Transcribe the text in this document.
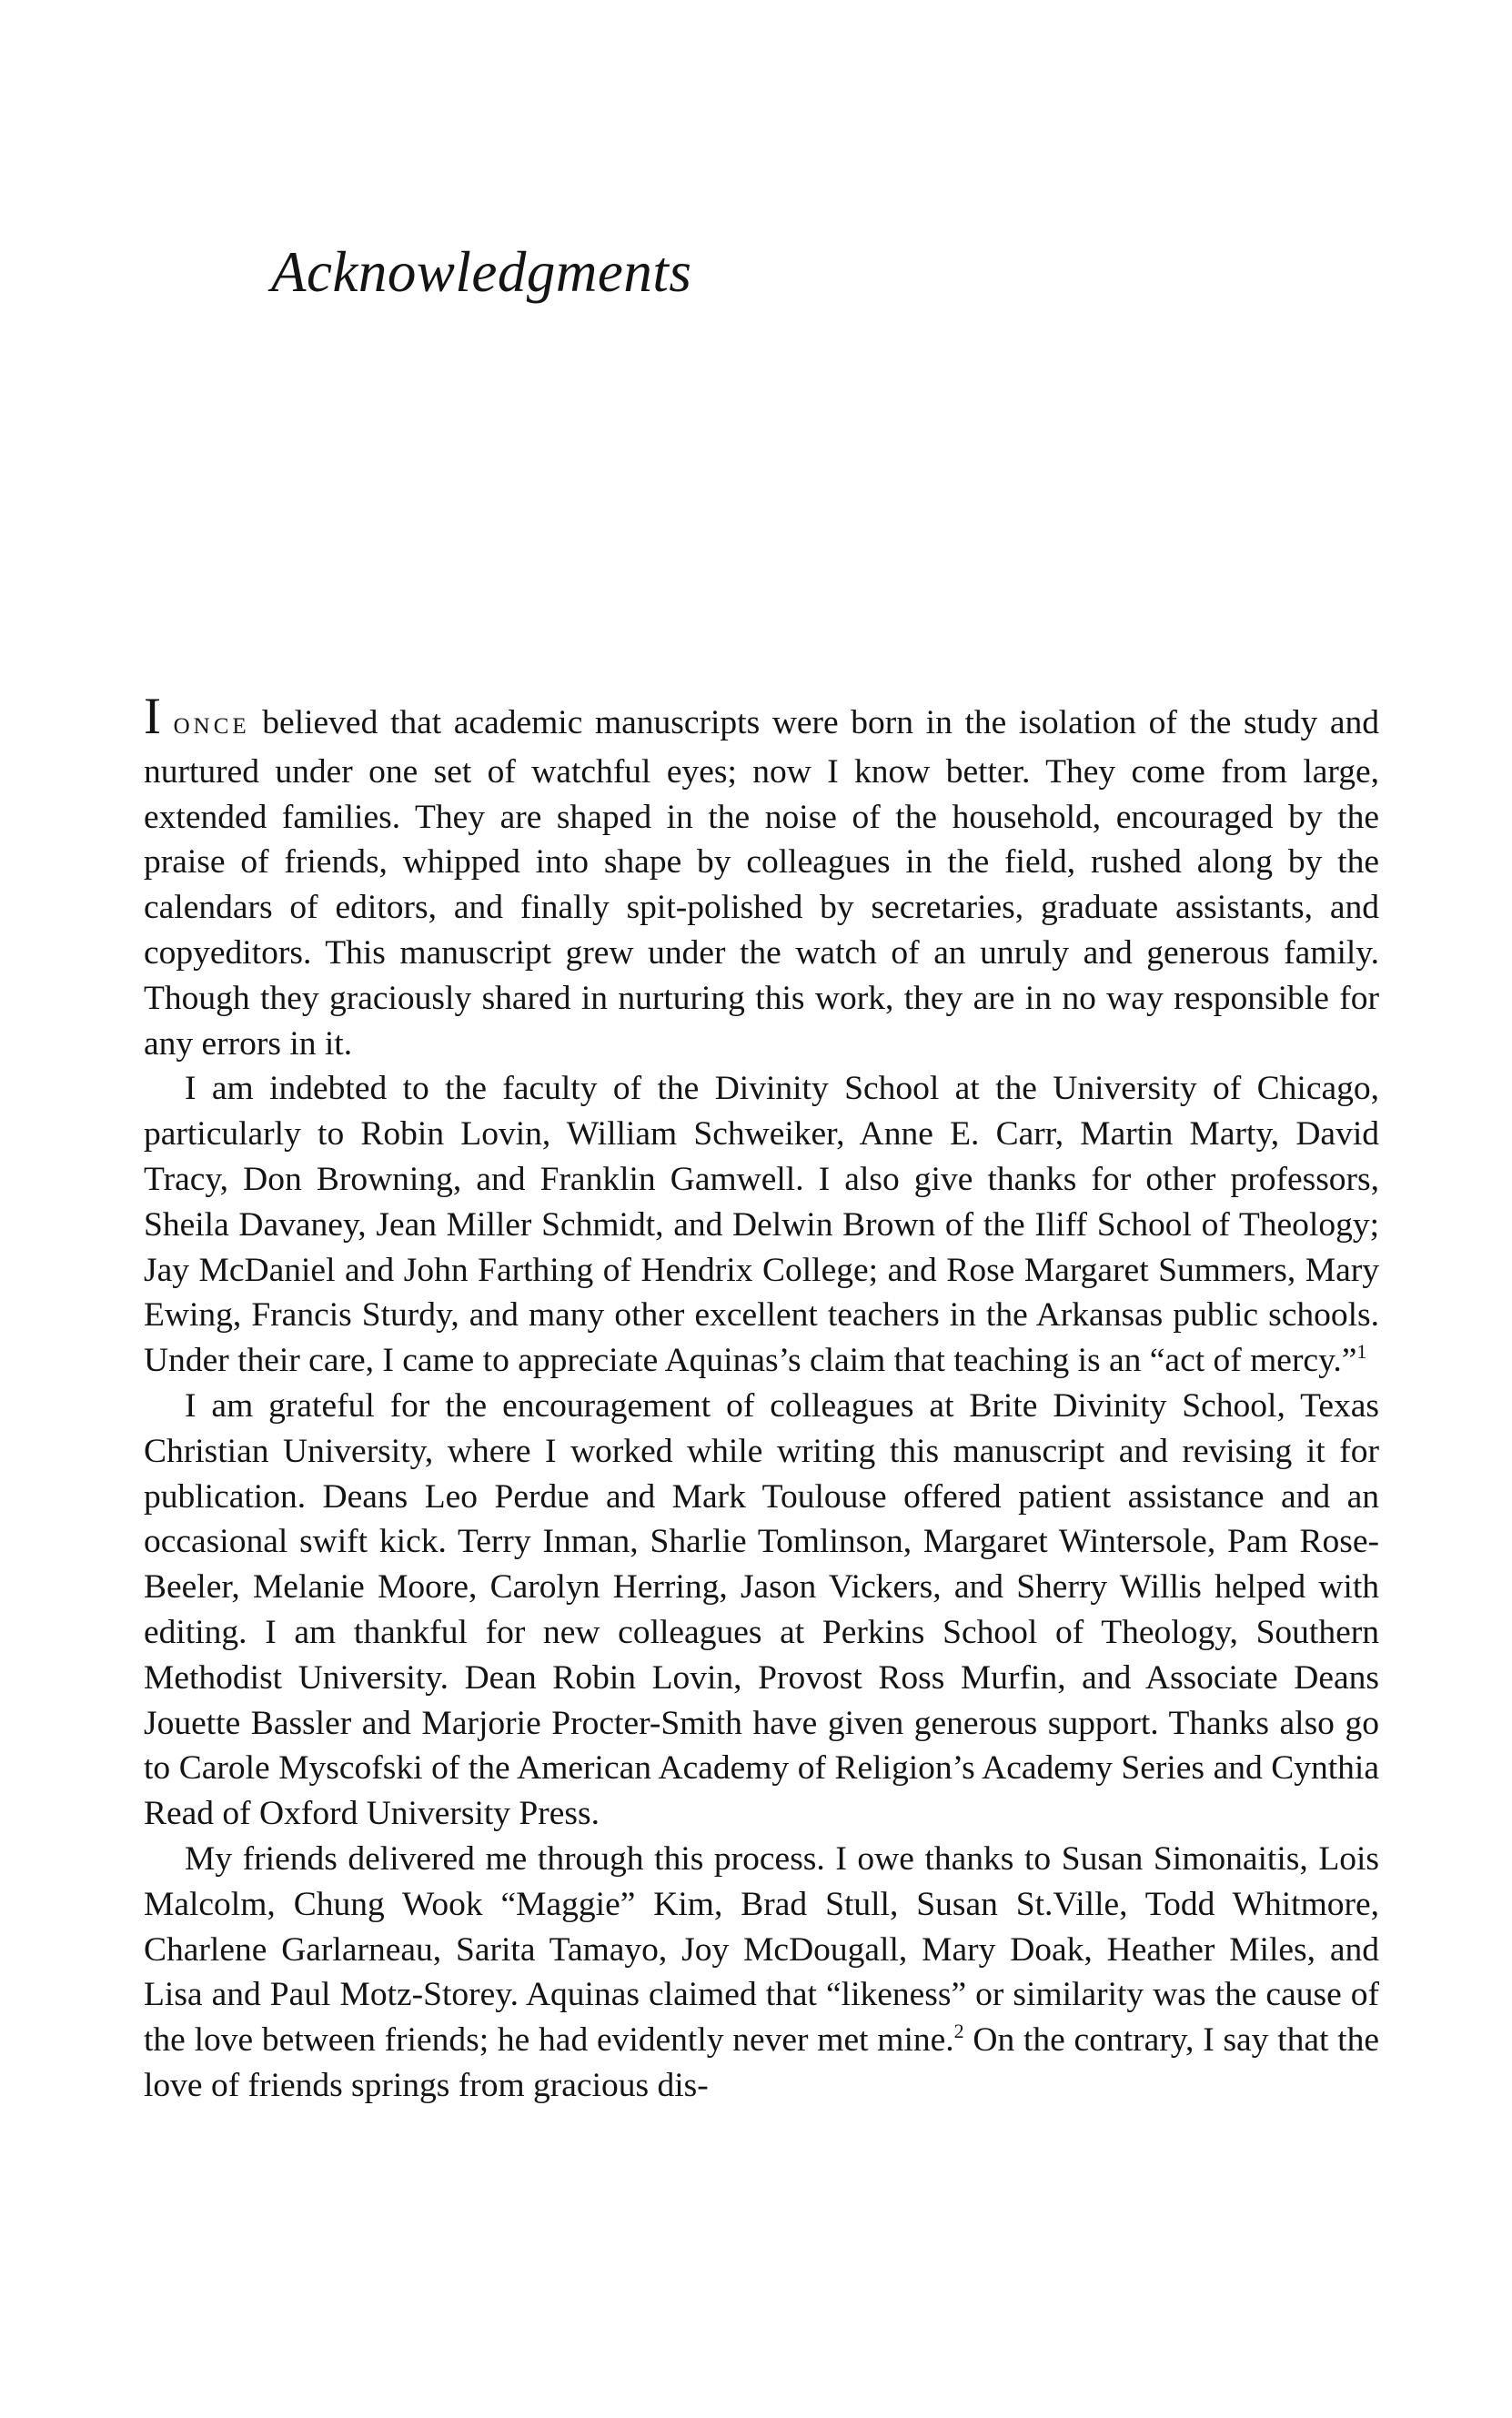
Acknowledgments

I ONCE believed that academic manuscripts were born in the isolation of the study and nurtured under one set of watchful eyes; now I know better. They come from large, extended families. They are shaped in the noise of the household, encouraged by the praise of friends, whipped into shape by colleagues in the field, rushed along by the calendars of editors, and finally spit-polished by secretaries, graduate assistants, and copyeditors. This manuscript grew under the watch of an unruly and generous family. Though they graciously shared in nurturing this work, they are in no way responsible for any errors in it.

I am indebted to the faculty of the Divinity School at the University of Chicago, particularly to Robin Lovin, William Schweiker, Anne E. Carr, Martin Marty, David Tracy, Don Browning, and Franklin Gamwell. I also give thanks for other professors, Sheila Davaney, Jean Miller Schmidt, and Delwin Brown of the Iliff School of Theology; Jay McDaniel and John Farthing of Hendrix College; and Rose Margaret Summers, Mary Ewing, Francis Sturdy, and many other excellent teachers in the Arkansas public schools. Under their care, I came to appreciate Aquinas’s claim that teaching is an “act of mercy.”$^1$

I am grateful for the encouragement of colleagues at Brite Divinity School, Texas Christian University, where I worked while writing this manuscript and revising it for publication. Deans Leo Perdue and Mark Toulouse offered patient assistance and an occasional swift kick. Terry Inman, Sharlie Tomlinson, Margaret Wintersole, Pam Rose-Beeler, Melanie Moore, Carolyn Herring, Jason Vickers, and Sherry Willis helped with editing. I am thankful for new colleagues at Perkins School of Theology, Southern Methodist University. Dean Robin Lovin, Provost Ross Murfin, and Associate Deans Jouette Bassler and Marjorie Procter-Smith have given generous support. Thanks also go to Carole Myscofski of the American Academy of Religion’s Academy Series and Cynthia Read of Oxford University Press.

My friends delivered me through this process. I owe thanks to Susan Simonaitis, Lois Malcolm, Chung Wook “Maggie” Kim, Brad Stull, Susan St.Ville, Todd Whitmore, Charlene Garlarneau, Sarita Tamayo, Joy McDougall, Mary Doak, Heather Miles, and Lisa and Paul Motz-Storey. Aquinas claimed that “likeness” or similarity was the cause of the love between friends; he had evidently never met mine.$^2$ On the contrary, I say that the love of friends springs from gracious dis-
